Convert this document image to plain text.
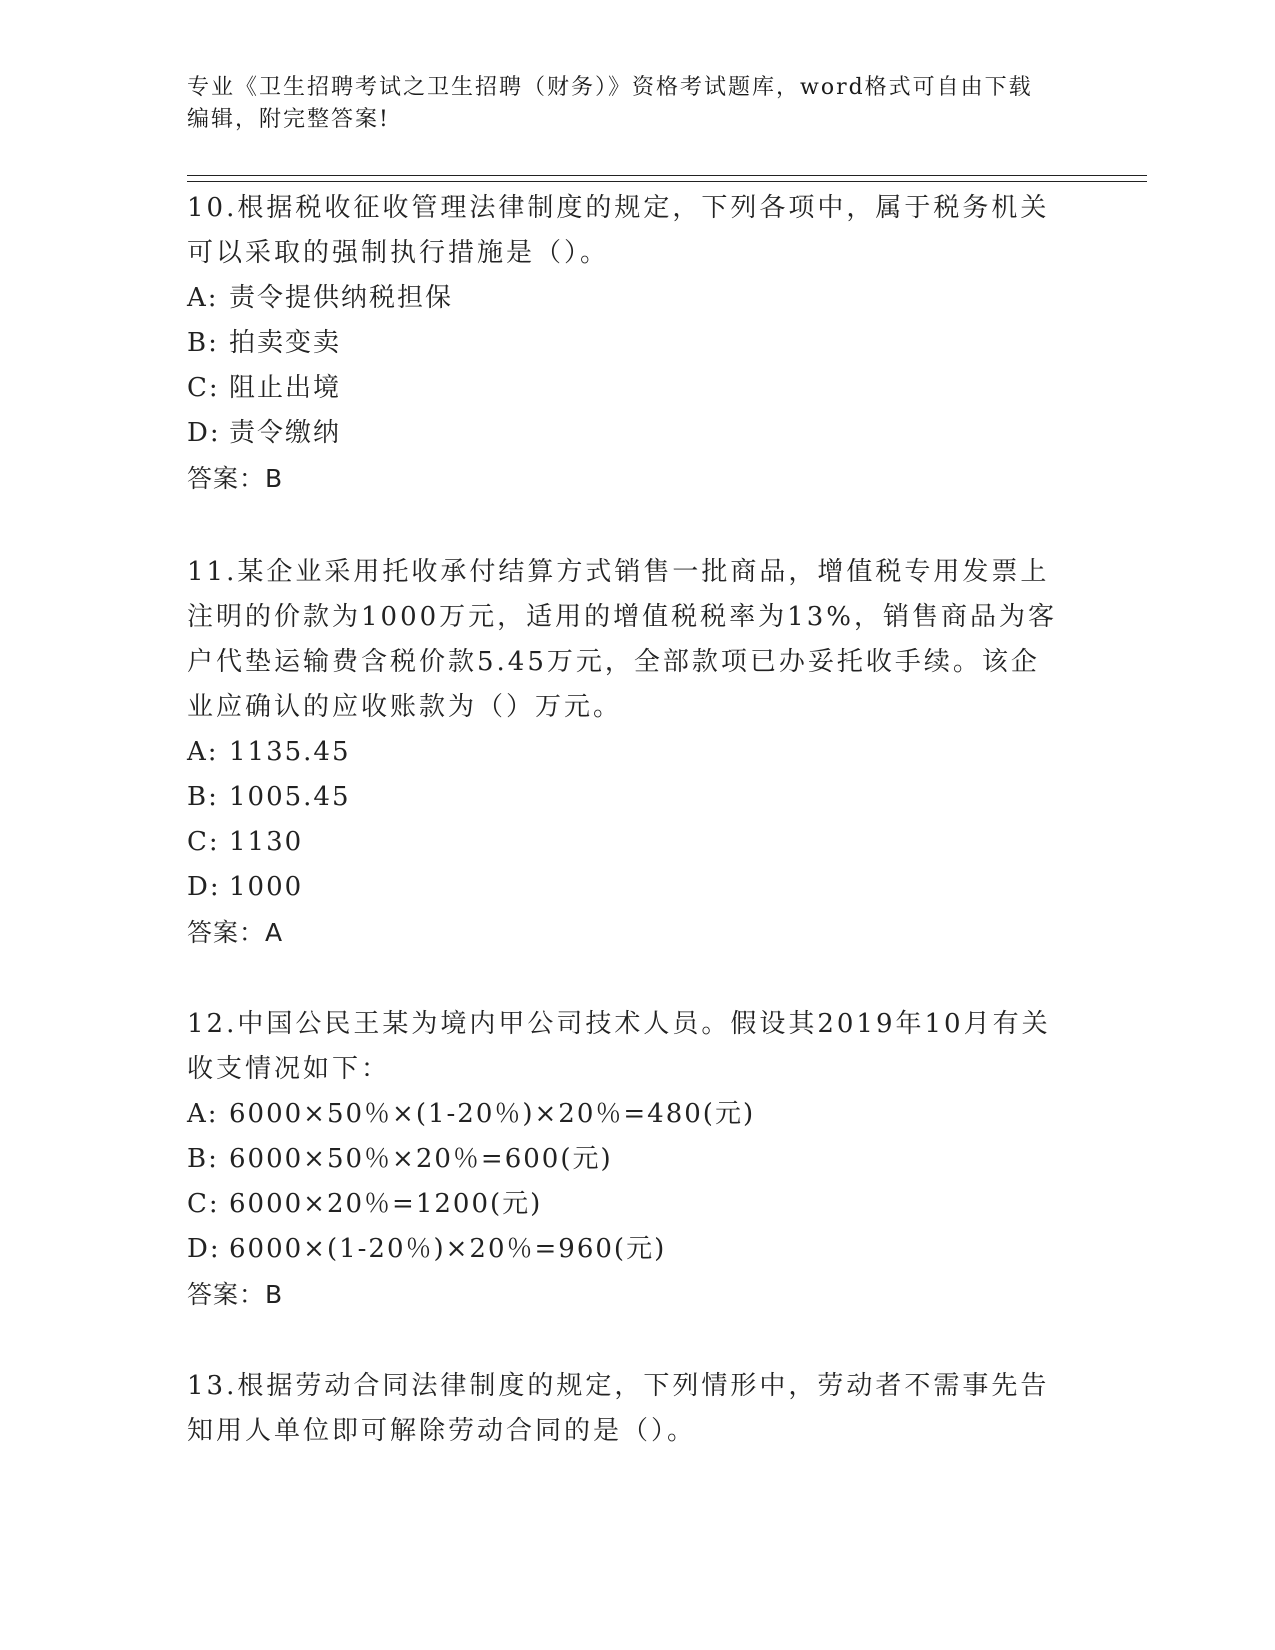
专业《卫生招聘考试之卫生招聘（财务）》资格考试题库，word格式可自由下载
编辑，附完整答案!

10.根据税收征收管理法律制度的规定，下列各项中，属于税务机关可以采取的强制执行措施是（）。

A: 责令提供纳税担保

B: 拍卖变卖

C: 阻止出境

D: 责令缴纳

答案：B

11.某企业采用托收承付结算方式销售一批商品，增值税专用发票上注明的价款为1000万元，适用的增值税税率为13%，销售商品为客户代垫运输费含税价款5.45万元，全部款项已办妥托收手续。该企业应确认的应收账款为（）万元。

A: 1135.45

B: 1005.45

C: 1130

D: 1000

答案：A

12.中国公民王某为境内甲公司技术人员。假设其2019年10月有关收支情况如下：

A: 6000×50％×(1-20％)×20％=480(元)

B: 6000×50％×20％=600(元)

C: 6000×20％=1200(元)

D: 6000×(1-20％)×20％=960(元)

答案：B

13.根据劳动合同法律制度的规定，下列情形中，劳动者不需事先告知用人单位即可解除劳动合同的是（）。
